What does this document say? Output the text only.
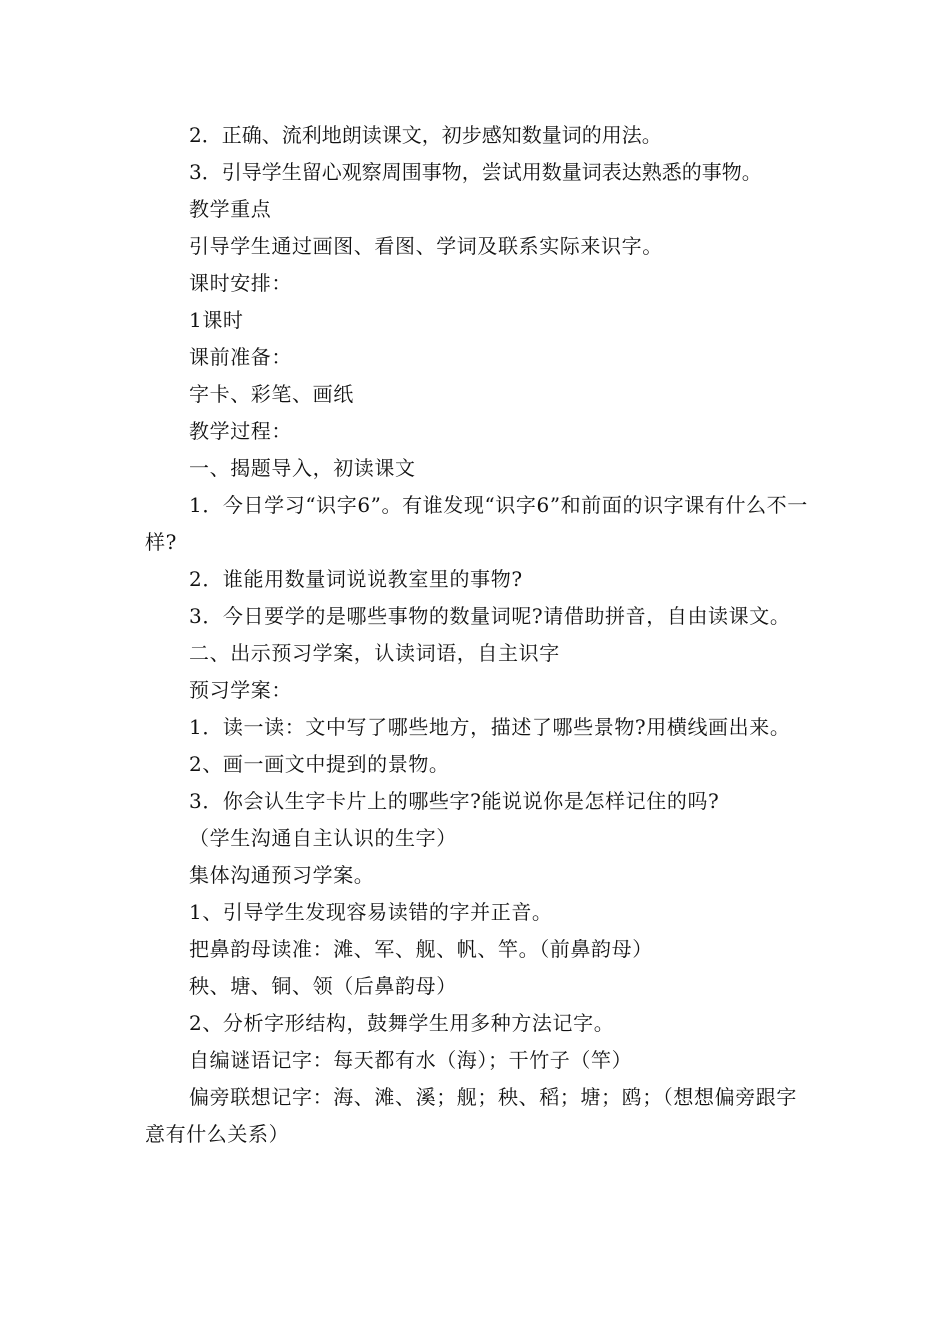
2．正确、流利地朗读课文，初步感知数量词的用法。

3．引导学生留心观察周围事物，尝试用数量词表达熟悉的事物。

教学重点

引导学生通过画图、看图、学词及联系实际来识字。

课时安排：

1课时

课前准备：

字卡、彩笔、画纸

教学过程：

一、揭题导入，初读课文

1．今日学习“识字6”。有谁发现“识字6”和前面的识字课有什么不一样?

2．谁能用数量词说说教室里的事物?

3．今日要学的是哪些事物的数量词呢?请借助拼音，自由读课文。

二、出示预习学案，认读词语，自主识字

预习学案：

1．读一读：文中写了哪些地方，描述了哪些景物?用横线画出来。

2、画一画文中提到的景物。

3．你会认生字卡片上的哪些字?能说说你是怎样记住的吗?

（学生沟通自主认识的生字）

集体沟通预习学案。

1、引导学生发现容易读错的字并正音。

把鼻韵母读准：滩、军、舰、帆、竿。（前鼻韵母）

秧、塘、铜、领（后鼻韵母）

2、分析字形结构，鼓舞学生用多种方法记字。

自编谜语记字：每天都有水（海）；干竹子（竿）

偏旁联想记字：海、滩、溪；舰；秧、稻；塘；鸥；（想想偏旁跟字意有什么关系）
